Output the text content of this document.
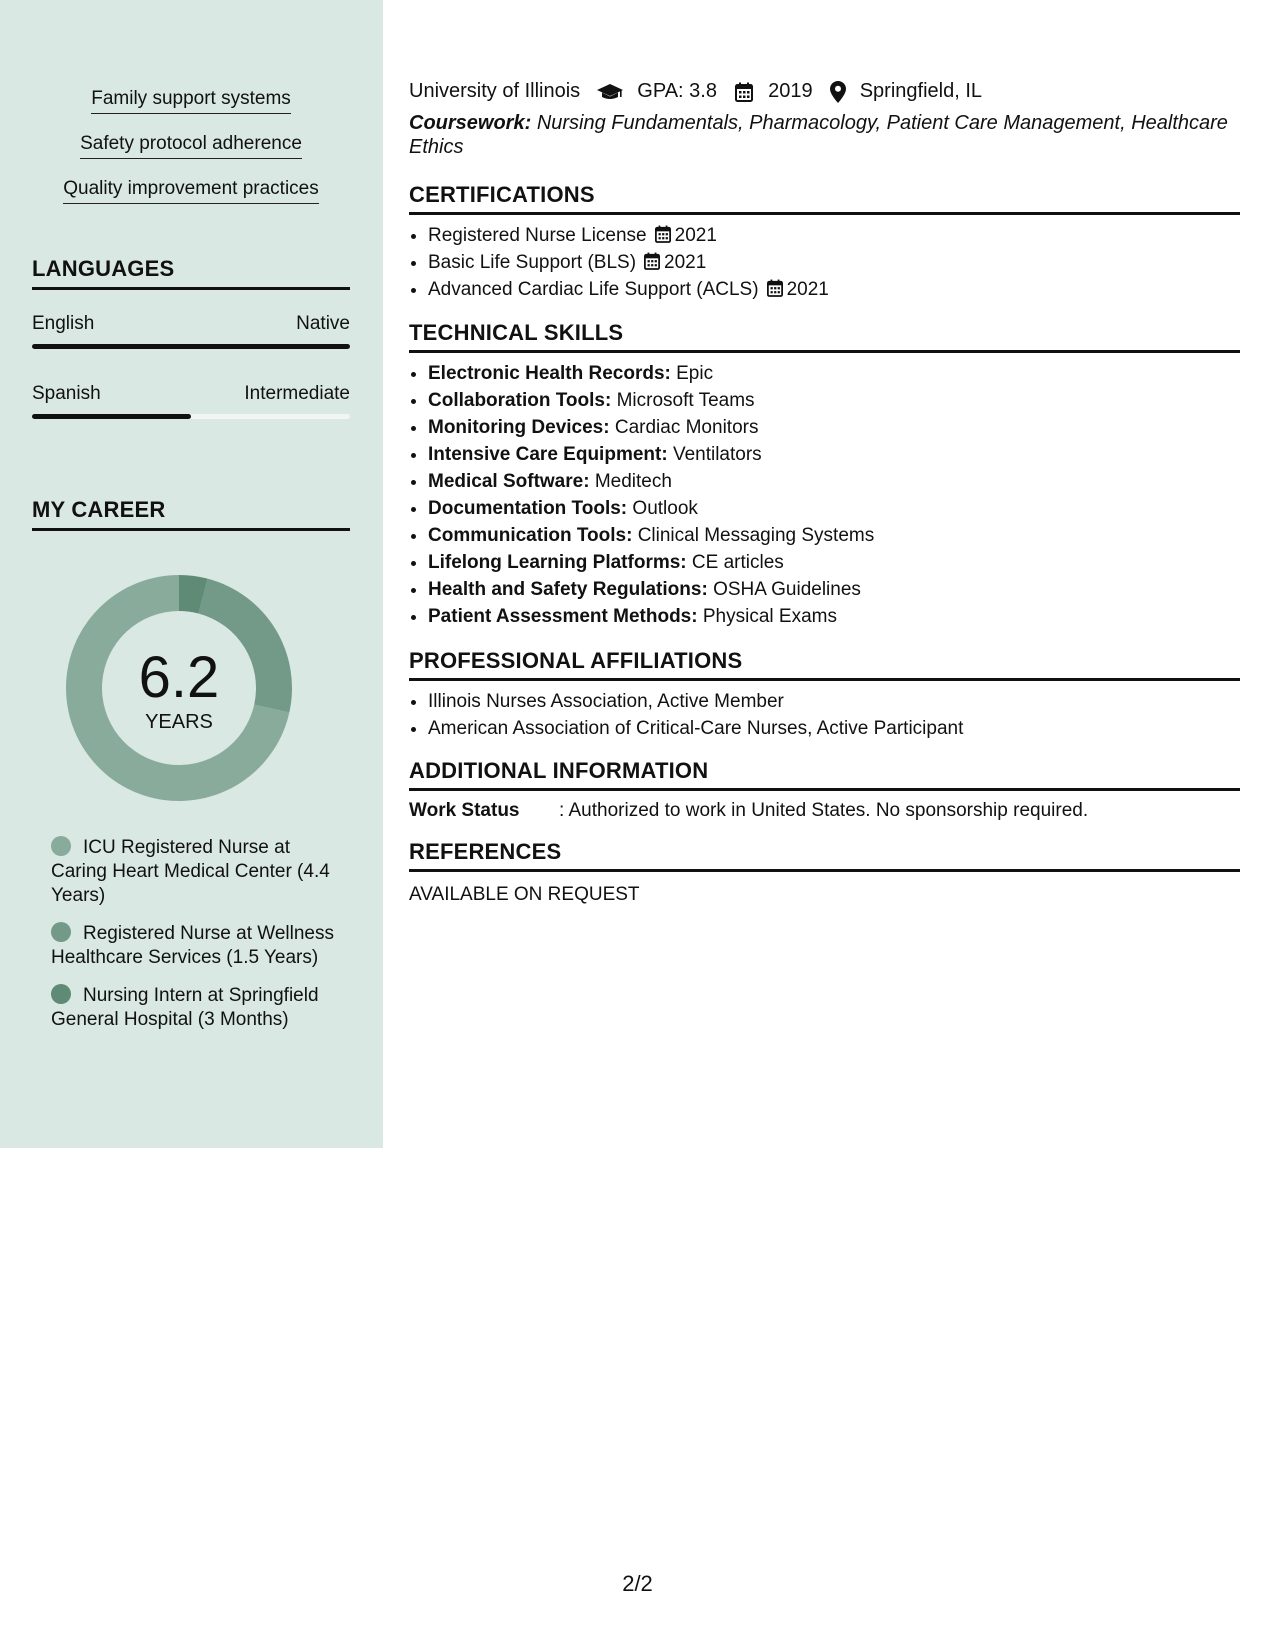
Family support systems
Safety protocol adherence
Quality improvement practices
LANGUAGES
English	Native
Spanish	Intermediate
MY CAREER
6.2
YEARS
ICU Registered Nurse at Caring Heart Medical Center (4.4 Years)
Registered Nurse at Wellness Healthcare Services (1.5 Years)
Nursing Intern at Springfield General Hospital (3 Months)
University of Illinois	GPA: 3.8	2019 Springfield, IL
Coursework: Nursing Fundamentals, Pharmacology, Patient Care Management, Healthcare Ethics
CERTIFICATIONS
• Registered Nurse License 2021
• Basic Life Support (BLS) 2021
• Advanced Cardiac Life Support (ACLS) 2021
TECHNICAL SKILLS
• Electronic Health Records: Epic
• Collaboration Tools: Microsoft Teams
• Monitoring Devices: Cardiac Monitors
• Intensive Care Equipment: Ventilators
• Medical Software: Meditech
• Documentation Tools: Outlook
• Communication Tools: Clinical Messaging Systems
• Lifelong Learning Platforms: CE articles
• Health and Safety Regulations: OSHA Guidelines
• Patient Assessment Methods: Physical Exams
PROFESSIONAL AFFILIATIONS
• Illinois Nurses Association, Active Member
• American Association of Critical-Care Nurses, Active Participant
ADDITIONAL INFORMATION
Work Status : Authorized to work in United States. No sponsorship required.
REFERENCES
AVAILABLE ON REQUEST
2/2
